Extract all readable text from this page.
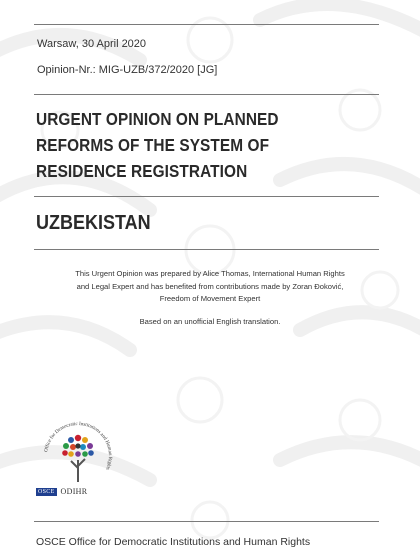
Warsaw, 30 April 2020
Opinion-Nr.: MIG-UZB/372/2020 [JG]
URGENT OPINION ON PLANNED
REFORMS OF THE SYSTEM OF
RESIDENCE REGISTRATION
UZBEKISTAN

This Urgent Opinion was prepared by Alice Thomas, International Human Rights

and Legal Expert and has benefited from contributions made by Zoran Đoković,

Freedom of Movement Expert

Based on an unofficial English translation.

Office for Democratic Institutions and Human Rights
OSCE ODIHR
OSCE Office for Democratic Institutions and Human Rights
